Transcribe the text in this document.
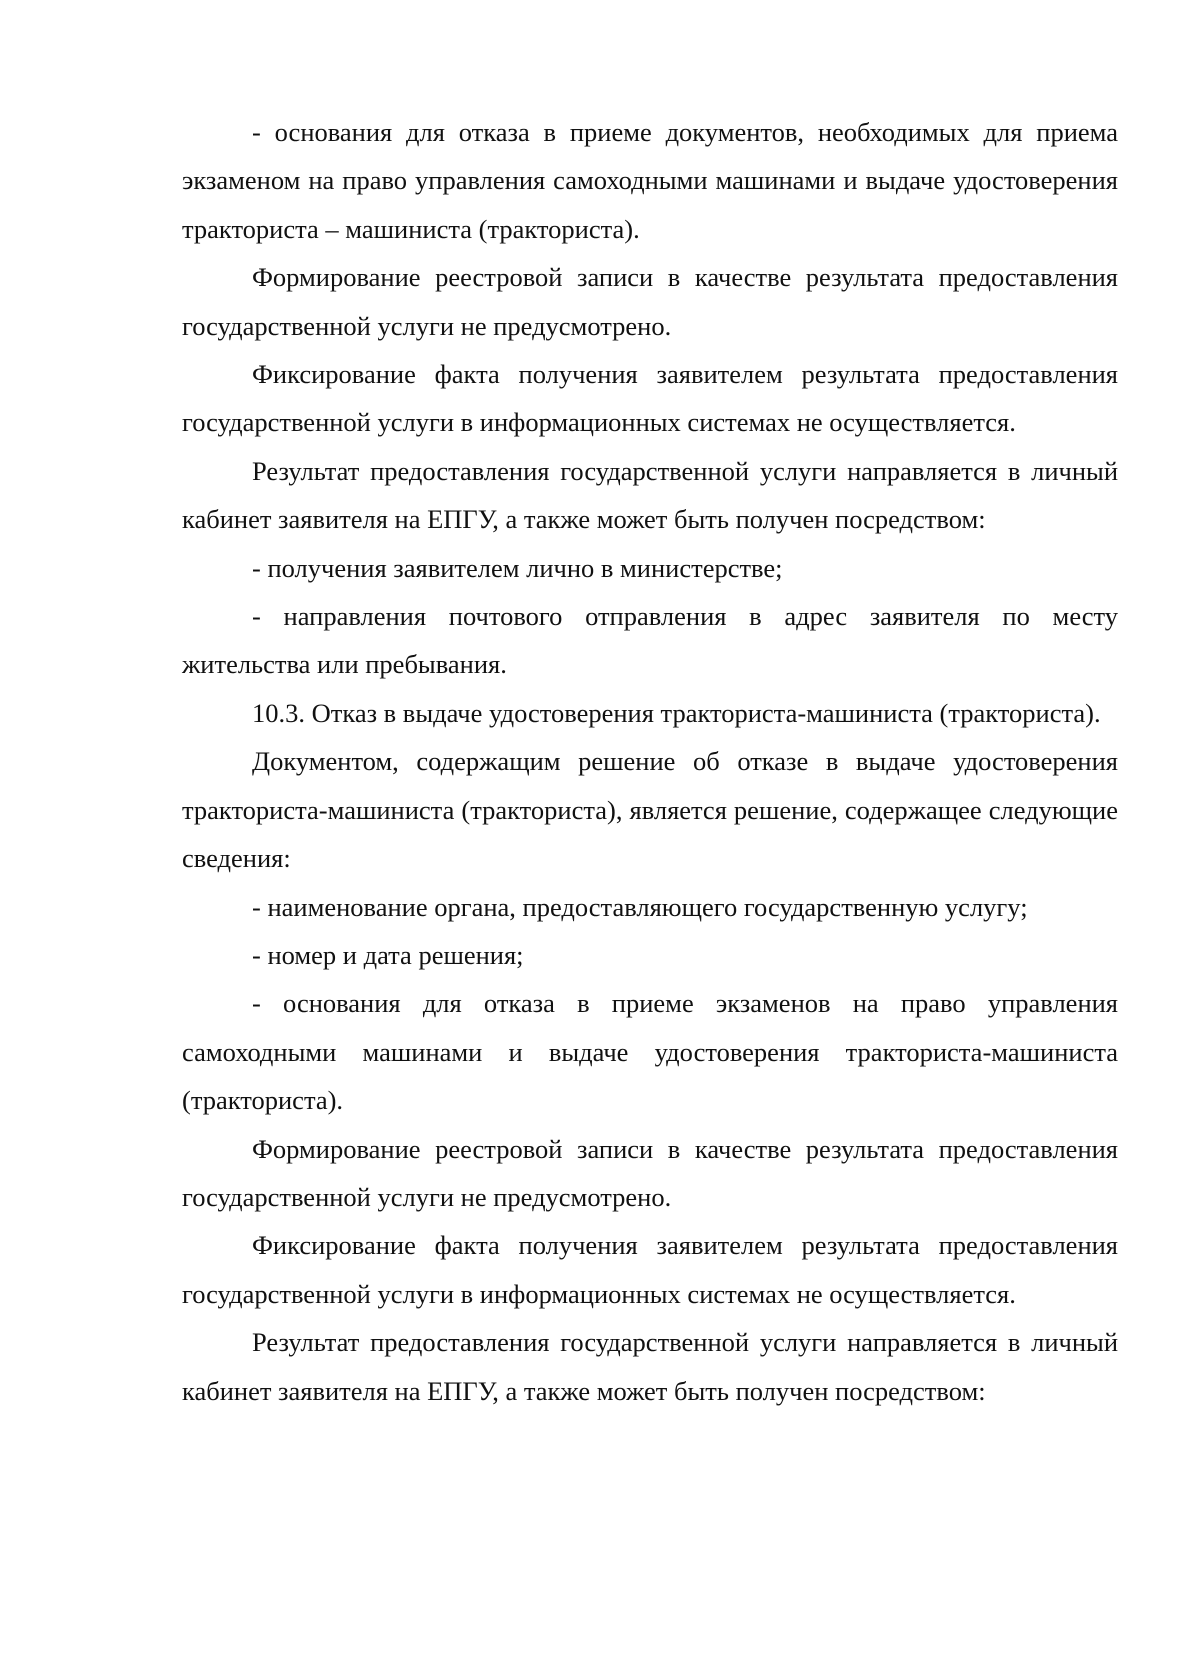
- основания для отказа в приеме документов, необходимых для приема экзаменом на право управления самоходными машинами и выдаче удостоверения тракториста – машиниста (тракториста).

Формирование реестровой записи в качестве результата предоставления государственной услуги не предусмотрено.

Фиксирование факта получения заявителем результата предоставления государственной услуги в информационных системах не осуществляется.

Результат предоставления государственной услуги направляется в личный кабинет заявителя на ЕПГУ, а также может быть получен посредством:

- получения заявителем лично в министерстве;

- направления почтового отправления в адрес заявителя по месту жительства или пребывания.

10.3. Отказ в выдаче удостоверения тракториста-машиниста (тракториста).

Документом, содержащим решение об отказе в выдаче удостоверения тракториста-машиниста (тракториста), является решение, содержащее следующие сведения:

- наименование органа, предоставляющего государственную услугу;

- номер и дата решения;

- основания для отказа в приеме экзаменов на право управления самоходными машинами и выдаче удостоверения тракториста-машиниста (тракториста).

Формирование реестровой записи в качестве результата предоставления государственной услуги не предусмотрено.

Фиксирование факта получения заявителем результата предоставления государственной услуги в информационных системах не осуществляется.

Результат предоставления государственной услуги направляется в личный кабинет заявителя на ЕПГУ, а также может быть получен посредством:
